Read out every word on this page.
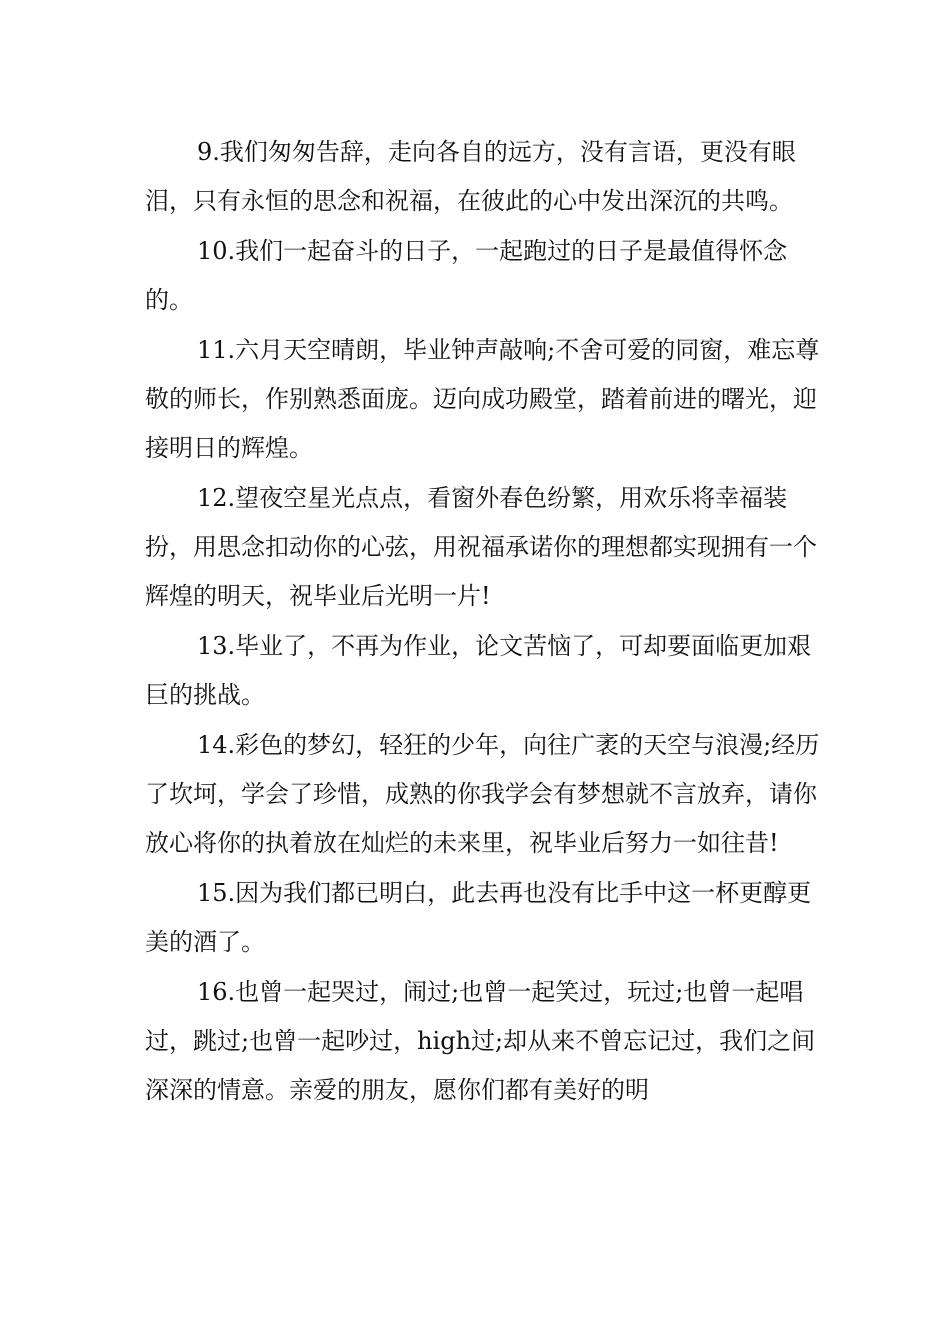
9.我们匆匆告辞，走向各自的远方，没有言语，更没有眼泪，只有永恒的思念和祝福，在彼此的心中发出深沉的共鸣。

10.我们一起奋斗的日子，一起跑过的日子是最值得怀念的。

11.六月天空晴朗，毕业钟声敲响;不舍可爱的同窗，难忘尊敬的师长，作别熟悉面庞。迈向成功殿堂，踏着前进的曙光，迎接明日的辉煌。

12.望夜空星光点点，看窗外春色纷繁，用欢乐将幸福装扮，用思念扣动你的心弦，用祝福承诺你的理想都实现拥有一个辉煌的明天，祝毕业后光明一片!

13.毕业了，不再为作业，论文苦恼了，可却要面临更加艰巨的挑战。

14.彩色的梦幻，轻狂的少年，向往广袤的天空与浪漫;经历了坎坷，学会了珍惜，成熟的你我学会有梦想就不言放弃，请你放心将你的执着放在灿烂的未来里，祝毕业后努力一如往昔!

15.因为我们都已明白，此去再也没有比手中这一杯更醇更美的酒了。

16.也曾一起哭过，闹过;也曾一起笑过，玩过;也曾一起唱过，跳过;也曾一起吵过，high过;却从来不曾忘记过，我们之间深深的情意。亲爱的朋友，愿你们都有美好的明
